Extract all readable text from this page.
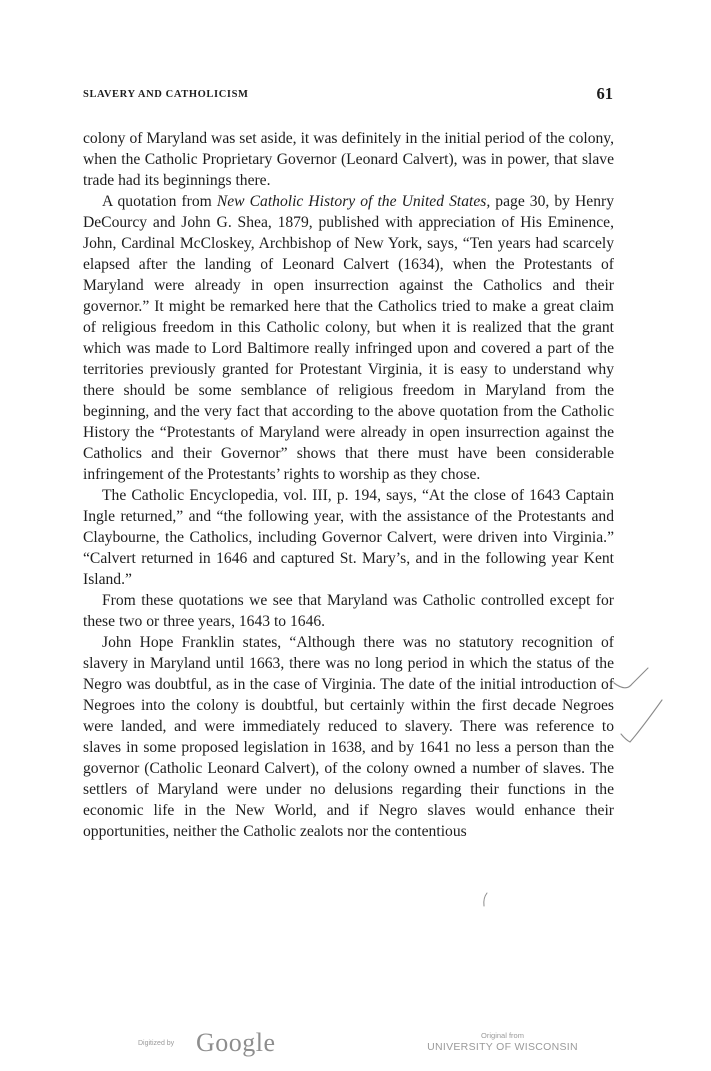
SLAVERY AND CATHOLICISM	61

colony of Maryland was set aside, it was definitely in the initial period of the colony, when the Catholic Proprietary Governor (Leonard Calvert), was in power, that slave trade had its beginnings there.

A quotation from New Catholic History of the United States, page 30, by Henry DeCourcy and John G. Shea, 1879, published with appreciation of His Eminence, John, Cardinal McCloskey, Archbishop of New York, says, “Ten years had scarcely elapsed after the landing of Leonard Calvert (1634), when the Protestants of Maryland were already in open insurrection against the Catholics and their governor.” It might be remarked here that the Catholics tried to make a great claim of religious freedom in this Catholic colony, but when it is realized that the grant which was made to Lord Baltimore really infringed upon and covered a part of the territories previously granted for Protestant Virginia, it is easy to understand why there should be some semblance of religious freedom in Maryland from the beginning, and the very fact that according to the above quotation from the Catholic History the “Protestants of Maryland were already in open insurrection against the Catholics and their Governor” shows that there must have been considerable infringement of the Protestants’ rights to worship as they chose.

The Catholic Encyclopedia, vol. III, p. 194, says, “At the close of 1643 Captain Ingle returned,” and “the following year, with the assistance of the Protestants and Claybourne, the Catholics, including Governor Calvert, were driven into Virginia.” “Calvert returned in 1646 and captured St. Mary’s, and in the following year Kent Island.”

From these quotations we see that Maryland was Catholic controlled except for these two or three years, 1643 to 1646.

John Hope Franklin states, “Although there was no statutory recognition of slavery in Maryland until 1663, there was no long period in which the status of the Negro was doubtful, as in the case of Virginia. The date of the initial introduction of Negroes into the colony is doubtful, but certainly within the first decade Negroes were landed, and were immediately reduced to slavery. There was reference to slaves in some proposed legislation in 1638, and by 1641 no less a person than the governor (Catholic Leonard Calvert), of the colony owned a number of slaves. The settlers of Maryland were under no delusions regarding their functions in the economic life in the New World, and if Negro slaves would enhance their opportunities, neither the Catholic zealots nor the contentious

Digitized by Google	Original from
UNIVERSITY OF WISCONSIN
